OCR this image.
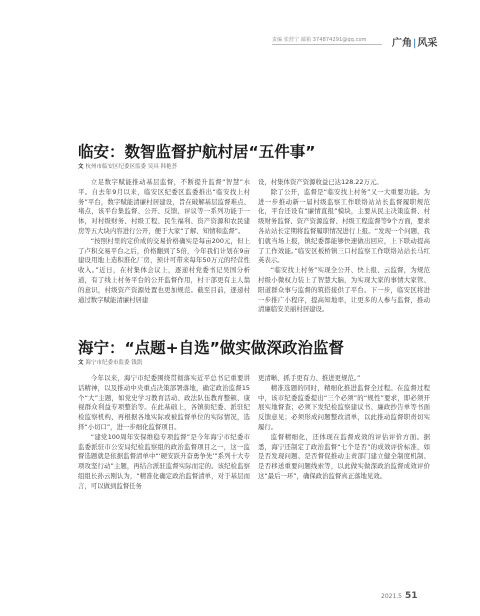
责编 张舒宁 邮箱 374874291@qq.com	广角|风采
临安：数智监督护航村居“五件事”
文 杭州市临安区纪委区监委 吴具 韩艳荟

立足数字赋能推动基层监督，不断提升监督“智慧”水平。自去年9月以来，临安区纪委区监委推出“临安找上村务”平台，数字赋能清廉村居建设，旨在破解基层监督难点、堵点，该平台集监督、公开、反馈、评议等一系列功能于一体，对村级财务、村级工程、民生福利、资产资源和农民建房等五大块内容进行公开，便于大家“了解、知情和监督”。

“按照村里的定价成的交易价格确实是每亩200元，但上了卢积交易平台之后，价格翻到了5倍，今年我们计划在9亩建设用地上造积淮化厂房，预计可带来每年50万元的经营性收入。”近日，在村集体会议上，逐递村党委书记吴国分析道，有了线上村务平台的公开监督作用，村干部更有主人翁的意识，村级资产资源处置也更加规范。截至目前，逐递村通过数字赋能清廉村居建

设，村集体资产资源收益已达128.22万元。

除了公开，监督是“临安找上村务”又一大重要功能。为进一步推动新一届村级监察工作联络站站长监督履职规范化，平台还设有“廉情直报”模块，主要从民主决策监督、村级财务监督、资产资源监督、村级工程监督等9个方面，要求各站站长定期将监督履职情况进行上报。“发现一个问题，我们就当场上报，镇纪委都能够快速做出回应，上下联动提高了工作效能。”临安区板桥镇三口村监察工作联络站站长马红英表示。

“临安找上村务”实现全公开、快上报、云监督，为规范村级小微权力装上了智慧大脑，为实现大家的事情大家管、阳道群众事与监督的筑搭接供了平台。下一步，临安区将进一步推广小程序，提高知地率，让更多的人参与监督，推动清廉临安美丽村居建设。

海宁：“点题+自选”做实做深政治监督
文 海宁市纪委市监委 钱凯

今年以来，海宁市纪委围绕贯彻落实近平总书记重要讲话精神，以及推动中央重点决策部署落地，确定政治监督15个“大”主题，如党史学习教育活动、政法队伍教育整顿、康视群众利益专项整治等。在此基础上，各镇街纪委、派驻纪检监察机构、再根据各地实际或被监督单位的实际情况，选择“小切口”，进一步细化监督项目。

“建党100周年安保维稳专项监督”是今年海宁市纪委市监委派驻市公安局纪检监察组的政治监督项目之一，这一监督选题就是依据监督清单中“‘硬安跃升奋勇争先’”系列十大专项攻坚行动”主题，再结合派驻监督实际而定的。该纪检监察组组长孙云刚认为，“精准化确定政治监督清单，对于基层而言，可以做到监督任务

更清晰、抓手更有力、推进更规范。”

精准选题的同时，精细化推进监督全过程。在监督过程中，该市纪委监委提出“三个必须”的“规性”要求，即必须开展实地督查；必须下发纪检监察建议书、廉政抄告单等书面反馈意见；必须形成问题整改清单，以此推动监督职责切实履行。

监督精细化，还体现在监督成效的评估评价方面。据悉，海宁还制定了政治监督“七个是否”的成效评价标准，如是否发现问题、是否督促推动主责部门建立健全制度机制、是否移送重要问题线索等，以此做实做深政治监督成效评价这“最后一环”，确保政治监督真正落地见效。

2021.5 51
